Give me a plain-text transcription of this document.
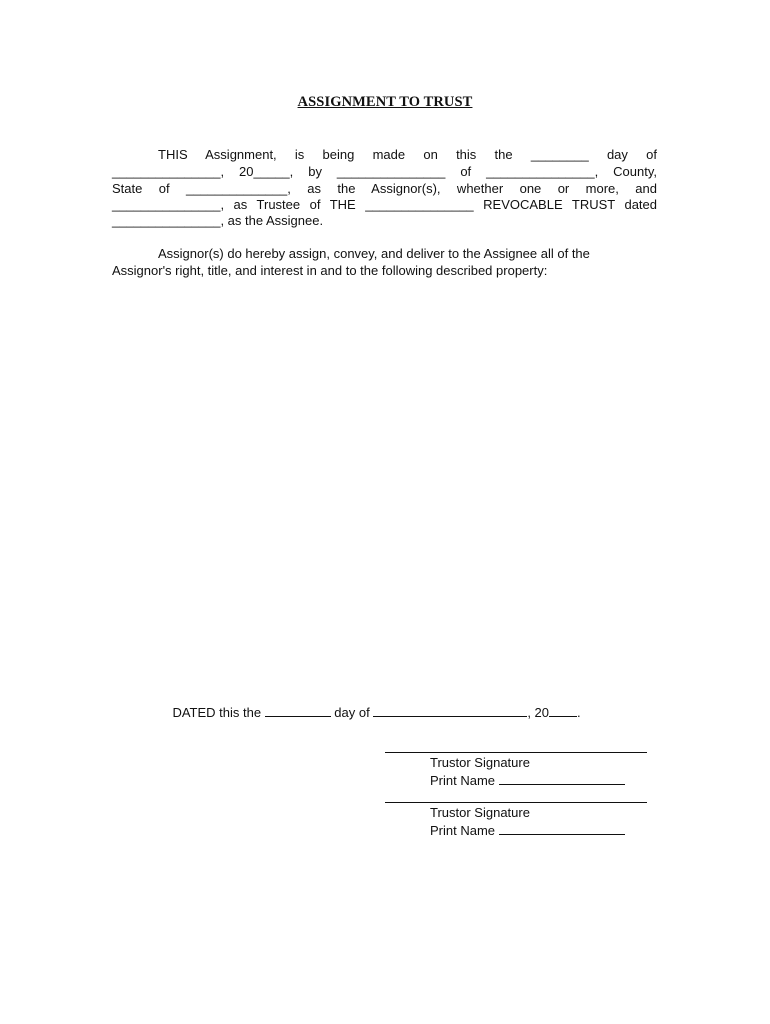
ASSIGNMENT TO TRUST
THIS Assignment, is being made on this the ________ day of
_______________, 20_____, by _______________ of _______________, County,
State of ______________, as the Assignor(s), whether one or more, and
_______________, as Trustee of THE _______________ REVOCABLE TRUST dated
_______________, as the Assignee.
Assignor(s) do hereby assign, convey, and deliver to the Assignee all of the
Assignor's right, title, and interest in and to the following described property:

DATED this the	day of	, 20 .

Trustor Signature
Print Name
Trustor Signature
Print Name
